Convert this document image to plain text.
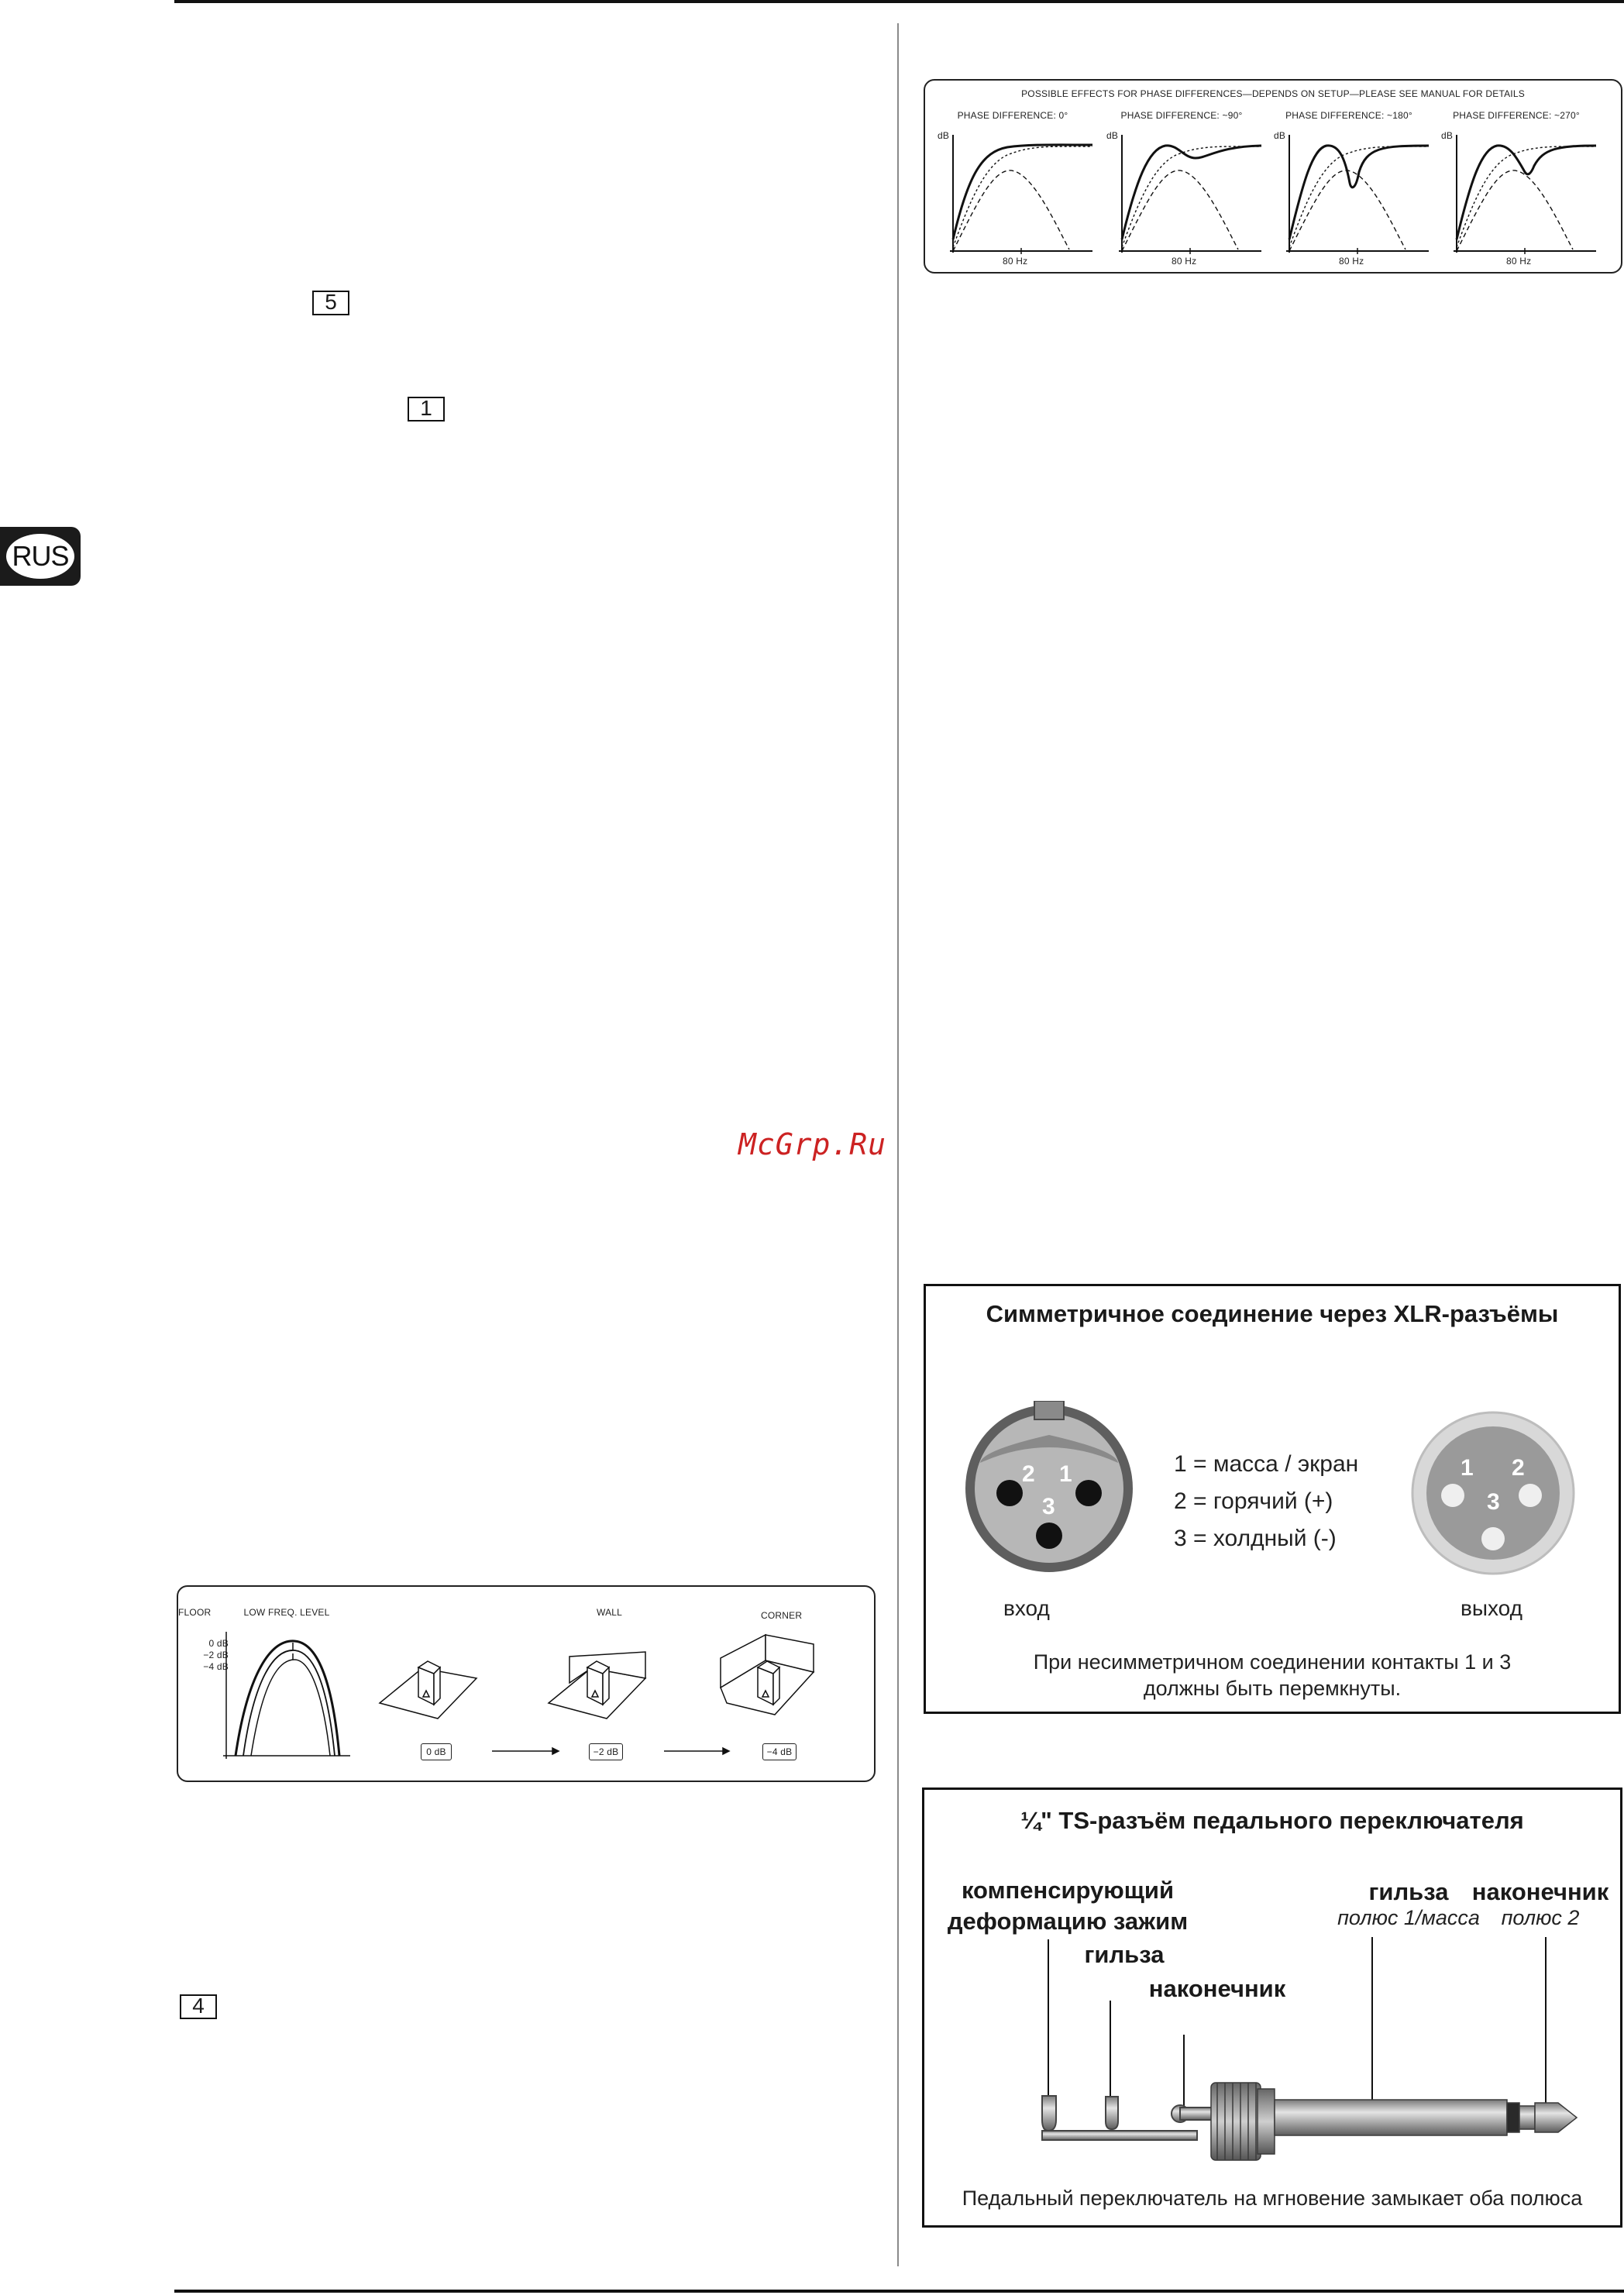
RUS
5
1
4
McGrp.Ru
POSSIBLE EFFECTS FOR PHASE DIFFERENCES—DEPENDS ON SETUP—PLEASE SEE MANUAL FOR DETAILS
PHASE DIFFERENCE: 0°	PHASE DIFFERENCE: ~90°	PHASE DIFFERENCE: ~180°	PHASE DIFFERENCE: ~270°
dB	dB	dB	dB
80 Hz	80 Hz	80 Hz	80 Hz
LOW FREQ. LEVEL
0 dB
−2 dB
−4 dB
FLOOR	WALL	CORNER
0 dB	−2 dB	−4 dB
Симметричное соединение через XLR-разъёмы
2 1
3
1 = масса / экран
2 = горячий (+)
3 = холдный (-)
1 2
3
вход	выход
При несимметричном соединении контакты 1 и 3
должны быть перемкнуты.
¼" TS-разъём педального переключателя
компенсирующий
деформацию зажим
гильза
наконечник
гильза
полюс 1/масса
наконечник
полюс 2
Педальный переключатель на мгновение замыкает оба полюса
